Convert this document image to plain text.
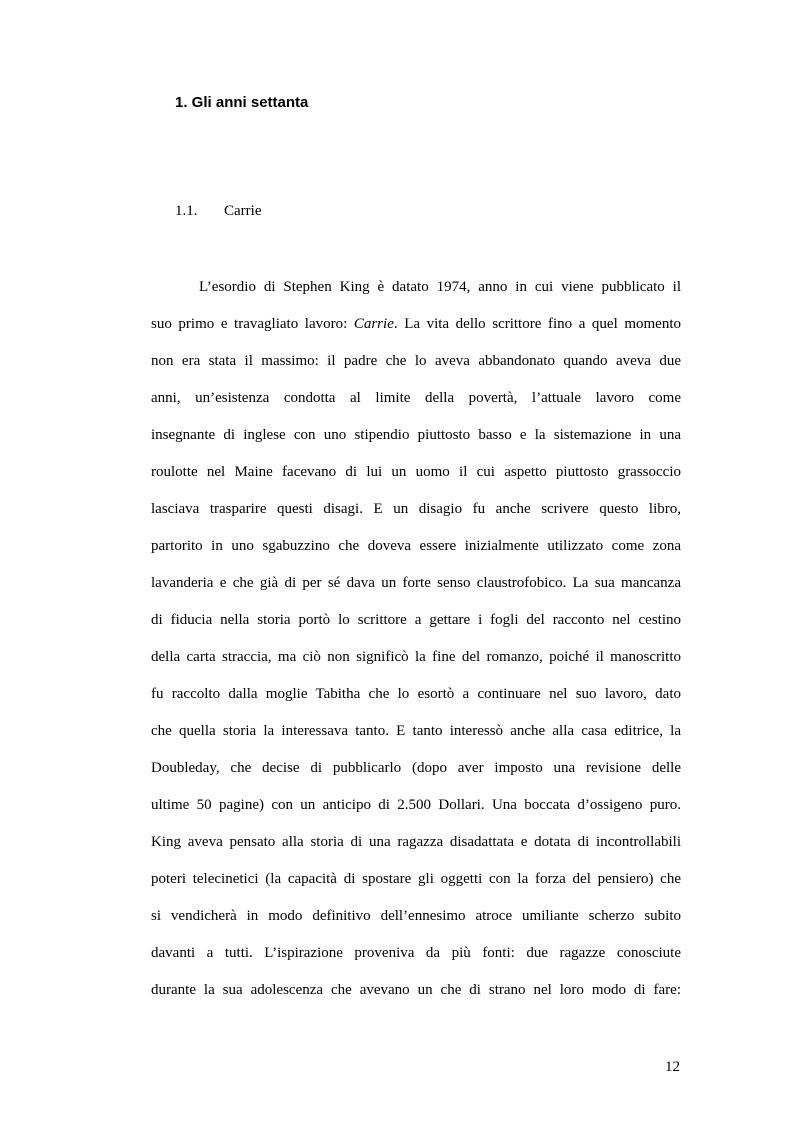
1. Gli anni settanta
1.1. Carrie
L’esordio di Stephen King è datato 1974, anno in cui viene pubblicato il
suo primo e travagliato lavoro: Carrie. La vita dello scrittore fino a quel momento
non era stata il massimo: il padre che lo aveva abbandonato quando aveva due
anni, un’esistenza condotta al limite della povertà, l’attuale lavoro come
insegnante di inglese con uno stipendio piuttosto basso e la sistemazione in una
roulotte nel Maine facevano di lui un uomo il cui aspetto piuttosto grassoccio
lasciava trasparire questi disagi. E un disagio fu anche scrivere questo libro,
partorito in uno sgabuzzino che doveva essere inizialmente utilizzato come zona
lavanderia e che già di per sé dava un forte senso claustrofobico. La sua mancanza
di fiducia nella storia portò lo scrittore a gettare i fogli del racconto nel cestino
della carta straccia, ma ciò non significò la fine del romanzo, poiché il manoscritto
fu raccolto dalla moglie Tabitha che lo esortò a continuare nel suo lavoro, dato
che quella storia la interessava tanto. E tanto interessò anche alla casa editrice, la
Doubleday, che decise di pubblicarlo (dopo aver imposto una revisione delle
ultime 50 pagine) con un anticipo di 2.500 Dollari. Una boccata d’ossigeno puro.
King aveva pensato alla storia di una ragazza disadattata e dotata di incontrollabili
poteri telecinetici (la capacità di spostare gli oggetti con la forza del pensiero) che
si vendicherà in modo definitivo dell’ennesimo atroce umiliante scherzo subito
davanti a tutti. L’ispirazione proveniva da più fonti: due ragazze conosciute
durante la sua adolescenza che avevano un che di strano nel loro modo di fare:
12
